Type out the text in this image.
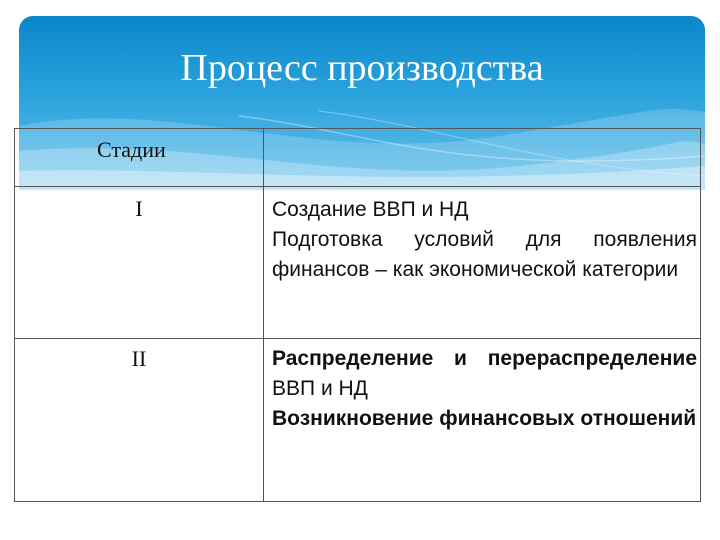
Процесс производства
Стадии	

I	Создание ВВП и НД
Подготовка условий для появления финансов – как экономической категории

II	Распределение и перераспределение ВВП и НД
Возникновение финансовых отношений
